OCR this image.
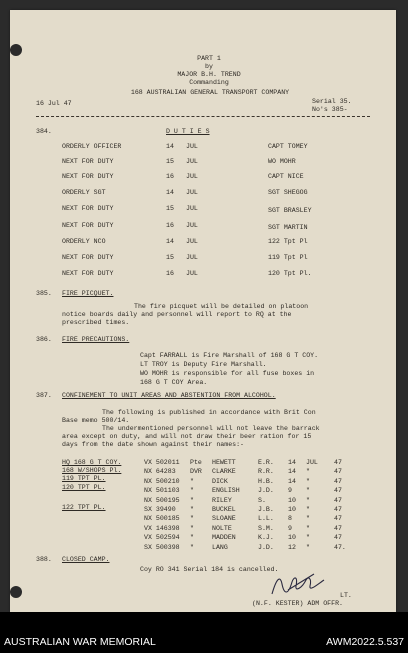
PART 1
by
MAJOR B.H. TREND
Commanding
168 AUSTRALIAN GENERAL TRANSPORT COMPANY
16 Jul 47	Serial 35.
No's 385-
384.	D U T I E S
ORDERLY OFFICER	14 JUL	CAPT TOMEY
NEXT FOR DUTY	15 JUL	WO MOHR
NEXT FOR DUTY	16 JUL	CAPT NICE
ORDERLY SGT	14 JUL	SGT SHEGOG
NEXT FOR DUTY	15 JUL	SGT BRASLEY
NEXT FOR DUTY	16 JUL	SGT MARTIN
ORDERLY NCO	14 JUL	122 Tpt Pl
NEXT FOR DUTY	15 JUL	119 Tpt Pl
NEXT FOR DUTY	16 JUL	120 Tpt Pl.
385. FIRE PICQUET.
The fire picquet will be detailed on platoon
notice boards daily and personnel will report to RQ at the
prescribed times.
386. FIRE PRECAUTIONS.
Capt FARRALL is Fire Marshall of 168 G T COY.
LT TROY is Deputy Fire Marshall.
WO MOHR is responsible for all fuse boxes in
168 G T COY Area.
387. CONFINEMENT TO UNIT AREAS AND ABSTENTION FROM ALCOHOL.
The following is published in accordance with Brit Con
Base memo 500/14.
The undermentioned personnel will not leave the barrack
area except on duty, and will not draw their beer ration for 15
days from the date shown against their names:-
HQ 168 G T COY.
168 W/SHOPS Pl.
119 TPT PL.
120 TPT PL.
122 TPT PL.
VX 502011 Pte HEWETT	E.R. 14 JUL 47
NX 64283 DVR CLARKE	R.R. 14 "	47
NX 500210 "	DICK	H.B. 14 "	47
NX 501103 "	ENGLISH	J.D. 9 "	47
NX 500195 "	RILEY	S.	10 "	47
SX 39490 "	BUCKEL	J.B. 10 "	47
NX 500185 "	SLOANE	L.L. 8 "	47
VX 146398 "	NOLTE	S.M. 9 "	47
VX 502594 "	MADDEN	K.J. 10 "	47
SX 500398 "	LANG	J.D. 12 "	47.
388. CLOSED CAMP.
Coy RO 341 Serial 184 is cancelled.
LT.
(N.F. KESTER) ADM OFFR.
AUSTRALIAN WAR MEMORIAL	AWM2022.5.537
